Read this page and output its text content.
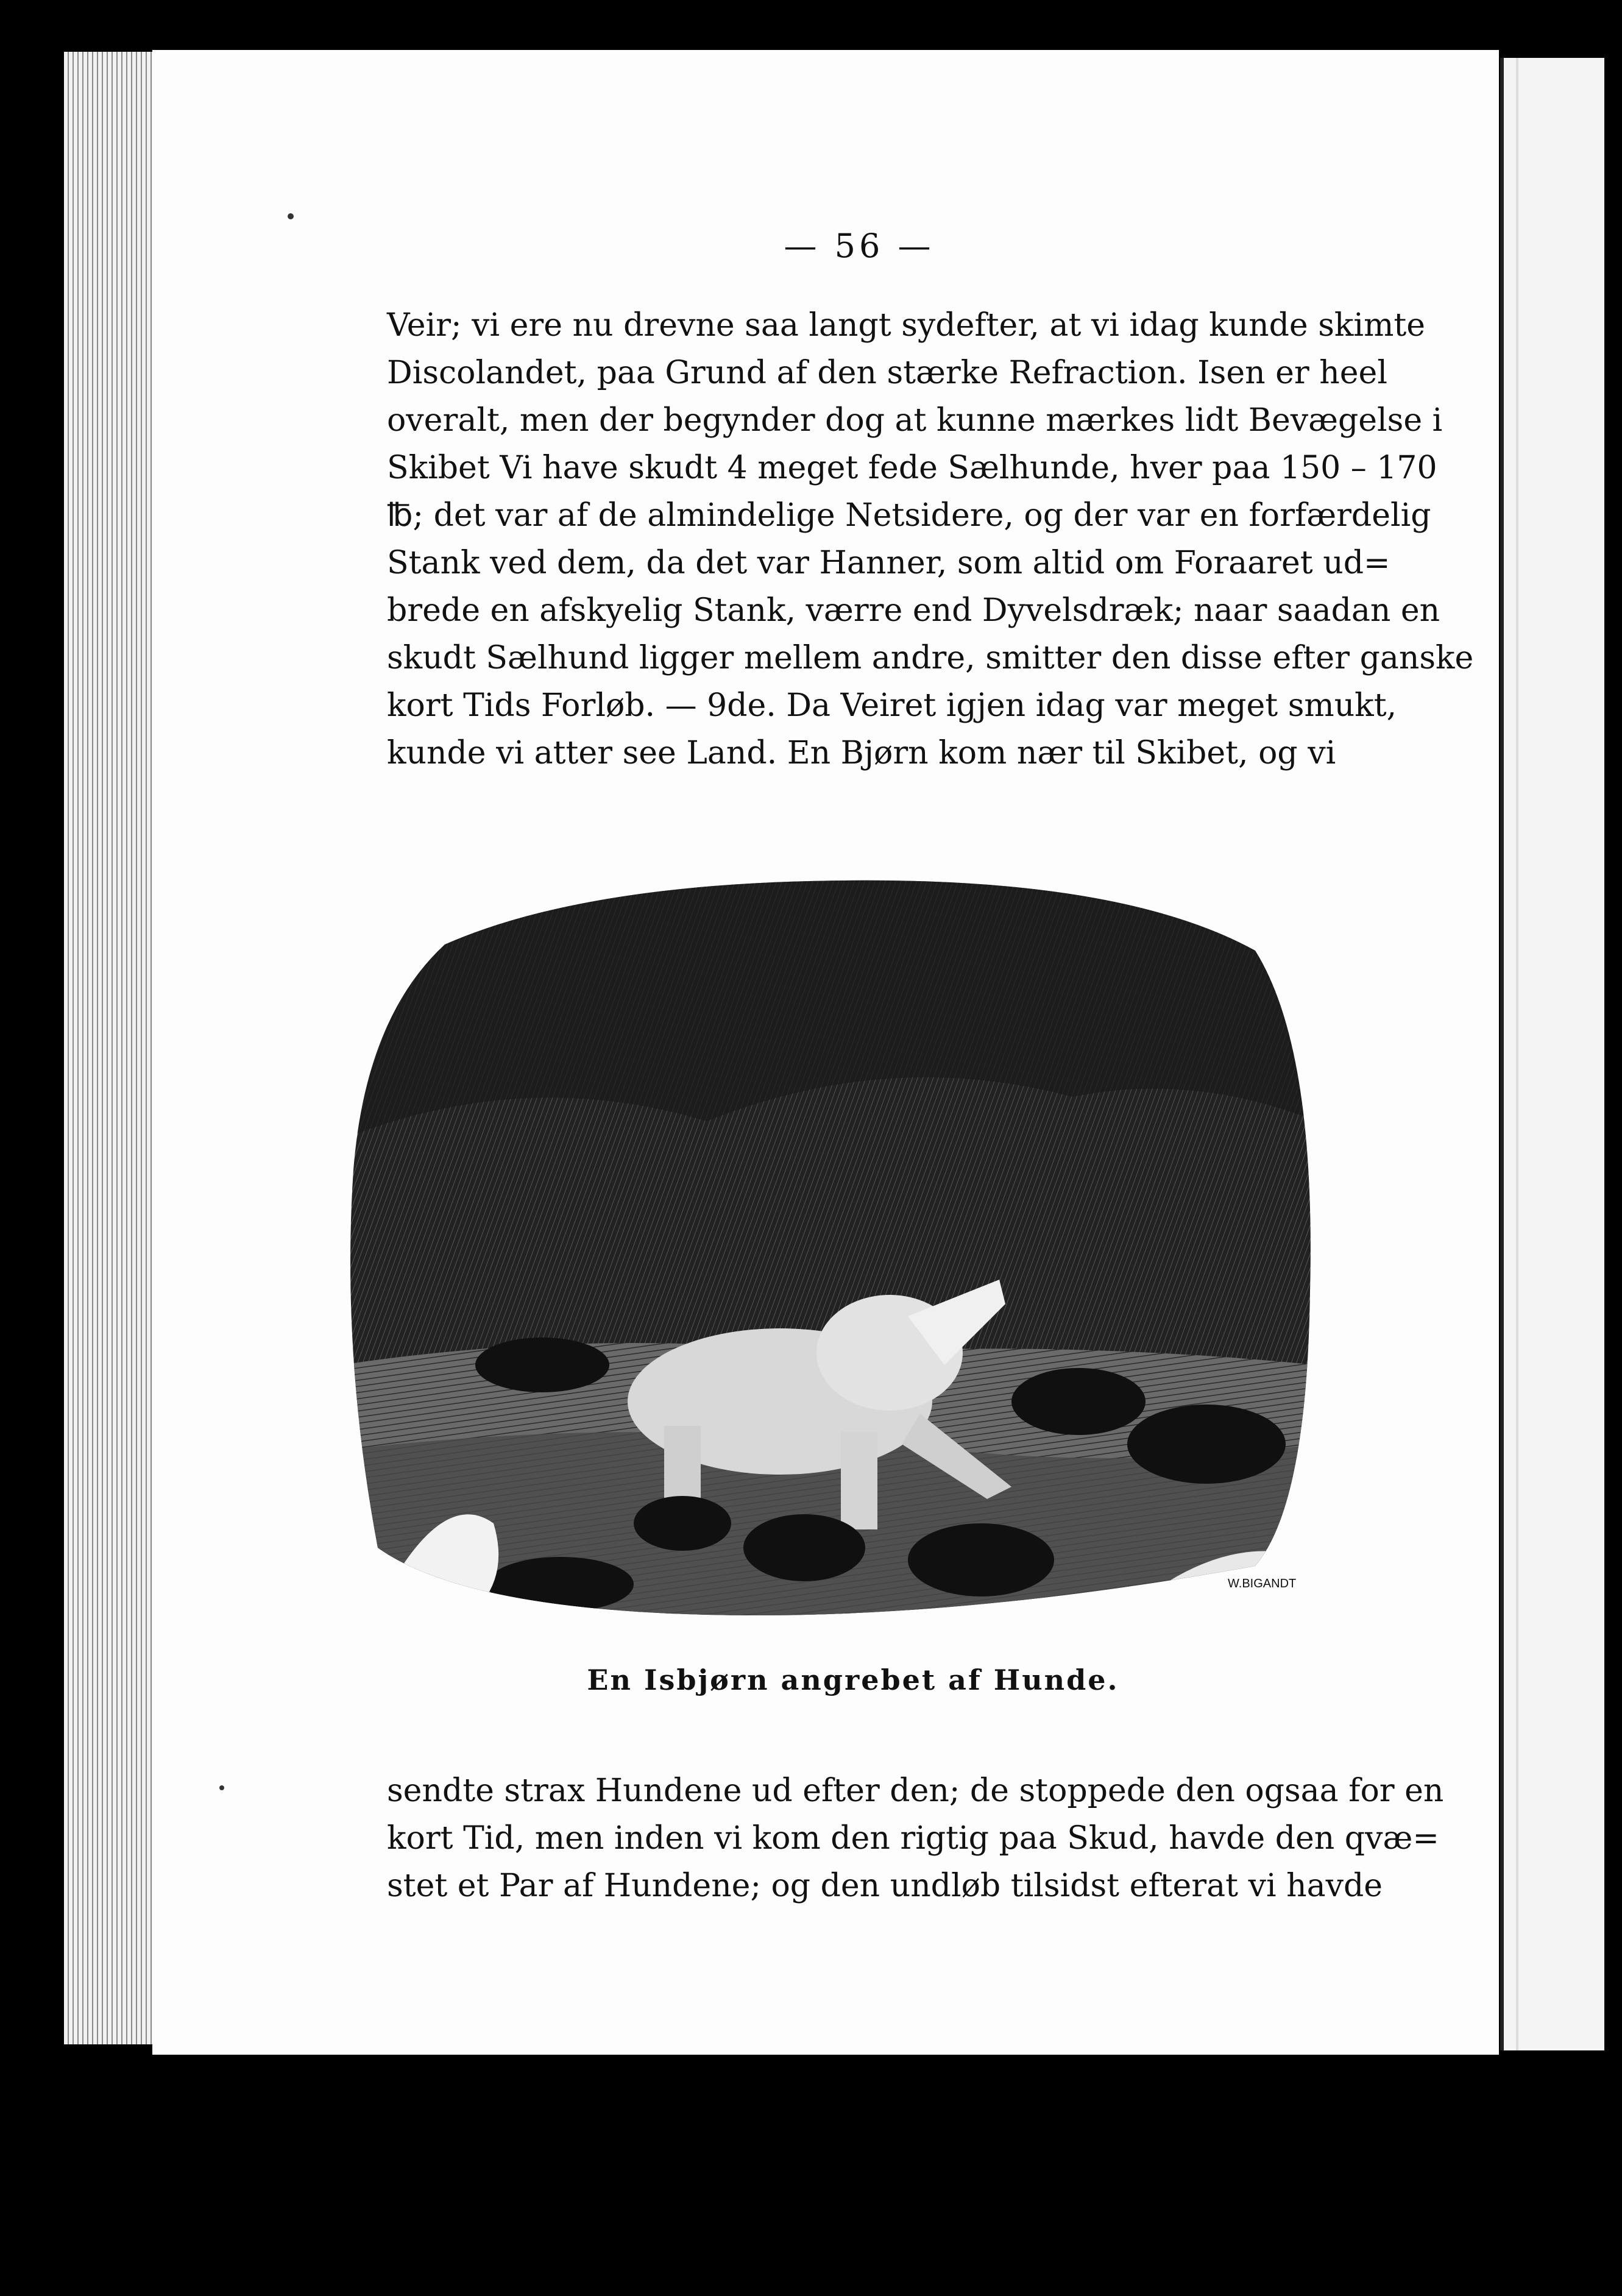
— 56 —
Veir; vi ere nu drevne saa langt sydefter, at vi idag kunde skimte
Discolandet, paa Grund af den stærke Refraction. Isen er heel
overalt, men der begynder dog at kunne mærkes lidt Bevægelse i
Skibet Vi have skudt 4 meget fede Sælhunde, hver paa 150 – 170
℔; det var af de almindelige Netsidere, og der var en forfærdelig
Stank ved dem, da det var Hanner, som altid om Foraaret ud=
brede en afskyelig Stank, værre end Dyvelsdræk; naar saadan en
skudt Sælhund ligger mellem andre, smitter den disse efter ganske
kort Tids Forløb. — 9de. Da Veiret igjen idag var meget smukt,
kunde vi atter see Land. En Bjørn kom nær til Skibet, og vi
W.BIGANDT
En Isbjørn angrebet af Hunde.
sendte strax Hundene ud efter den; de stoppede den ogsaa for en
kort Tid, men inden vi kom den rigtig paa Skud, havde den qvæ=
stet et Par af Hundene; og den undløb tilsidst efterat vi havde
